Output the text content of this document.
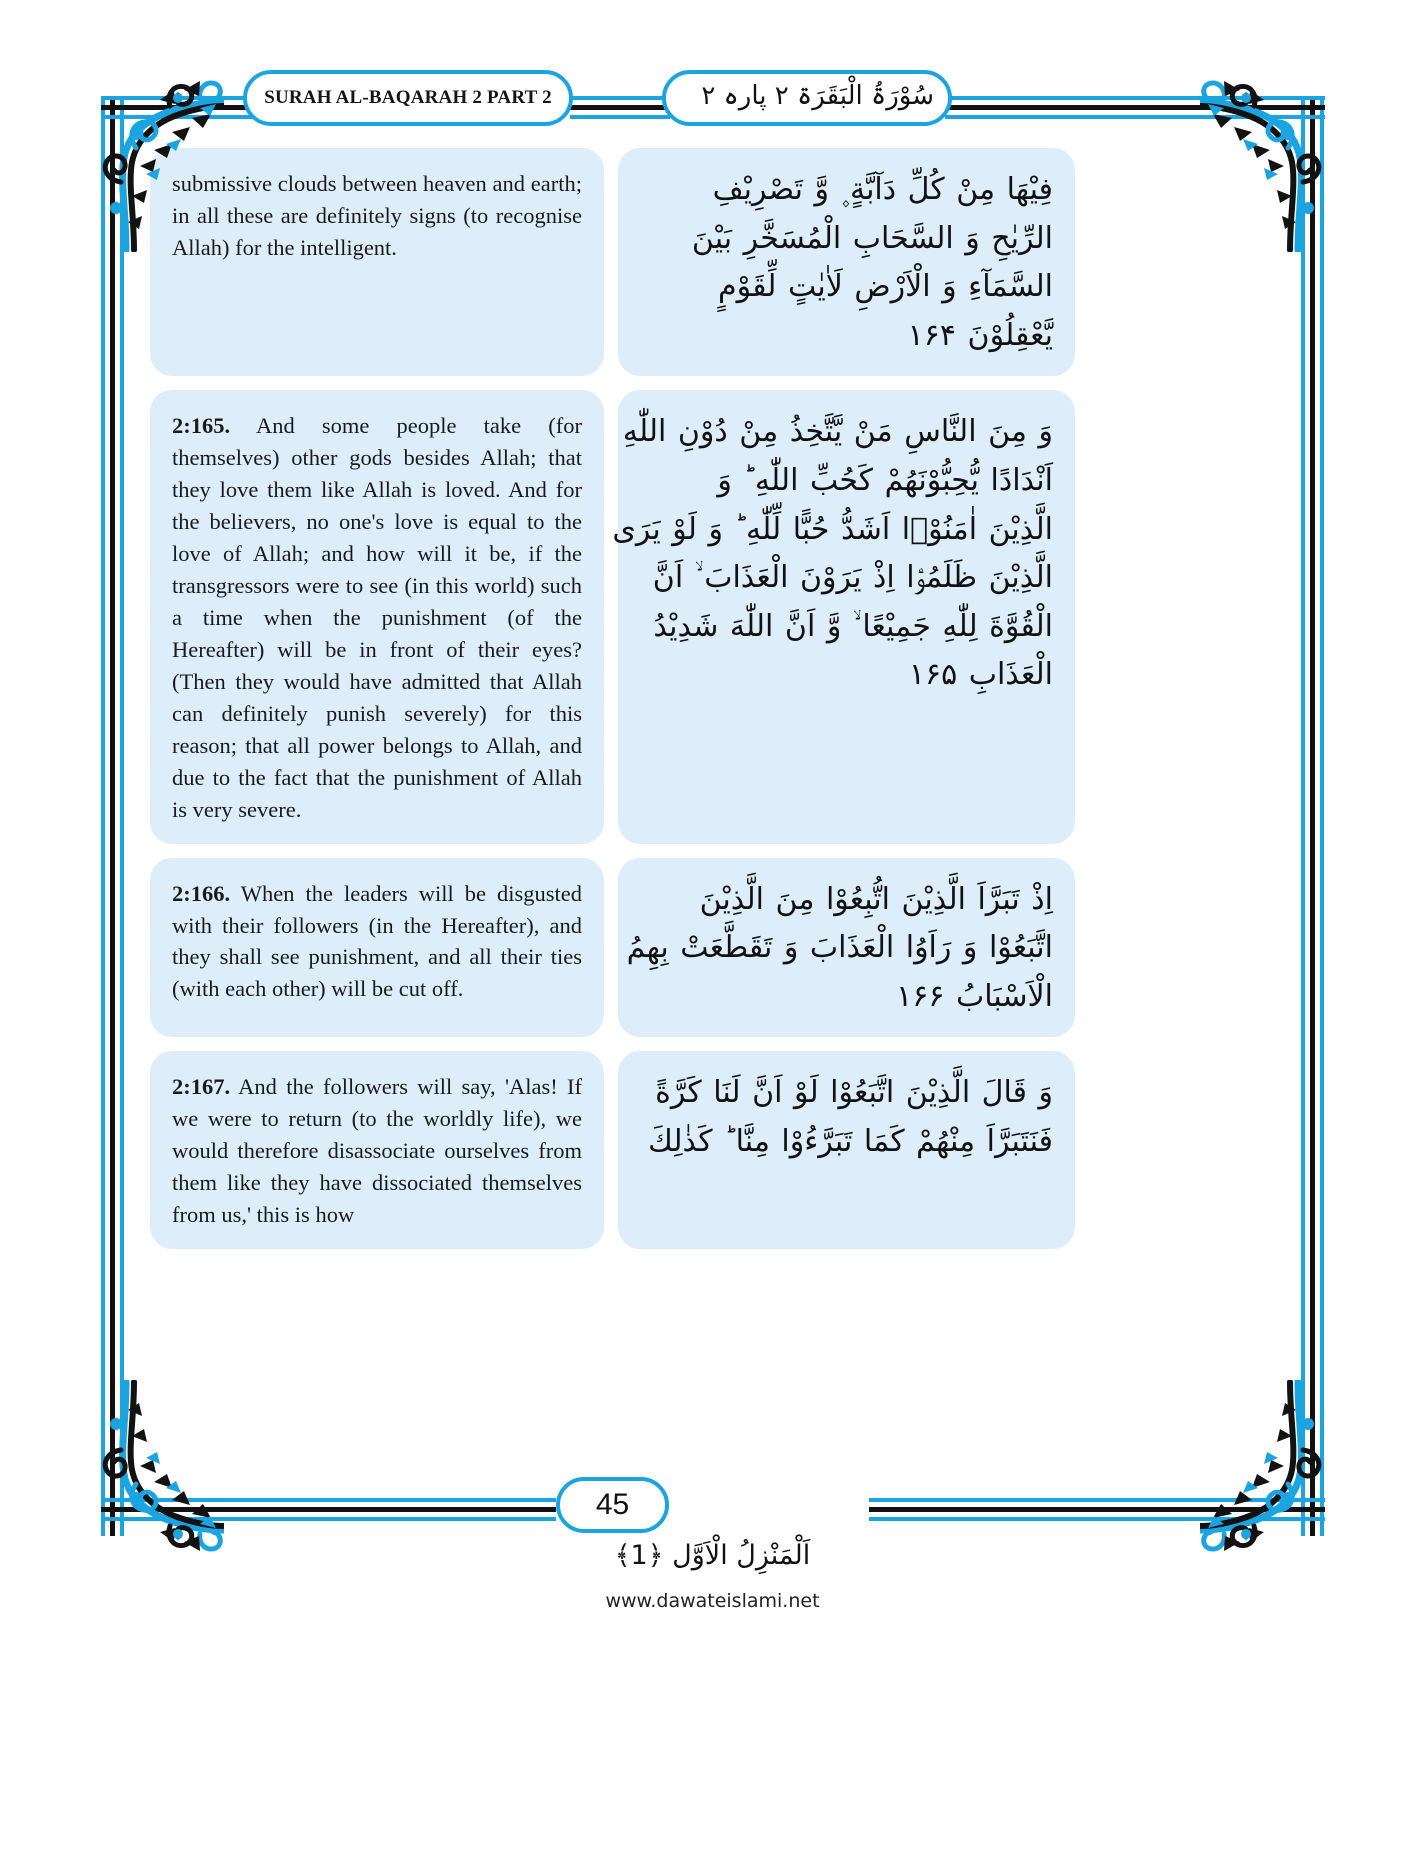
SURAH AL-BAQARAH 2 PART 2	سُوْرَۃُ الْبَقَرَۃ ۲ پارہ ۲
submissive clouds between heaven and earth; in all these are definitely signs (to recognise Allah) for the intelligent.
فِیْهَا مِنْ كُلِّ دَآبَّةٍ ۪ وَّ تَصْرِیْفِ
الرِّیٰحِ وَ السَّحَابِ الْمُسَخَّرِ بَیْنَ
السَّمَآءِ وَ الْاَرْضِ لَاٰیٰتٍ لِّقَوْمٍ
یَّعْقِلُوْنَ ۱۶۴
2:165. And some people take (for themselves) other gods besides Allah; that they love them like Allah is loved. And for the believers, no one's love is equal to the love of Allah; and how will it be, if the transgressors were to see (in this world) such a time when the punishment (of the Hereafter) will be in front of their eyes? (Then they would have admitted that Allah can definitely punish severely) for this reason; that all power belongs to Allah, and due to the fact that the punishment of Allah is very severe.
وَ مِنَ النَّاسِ مَنْ یَّتَّخِذُ مِنْ دُوْنِ اللّٰهِ
اَنْدَادًا یُّحِبُّوْنَهُمْ كَحُبِّ اللّٰهِ ؕ وَ
الَّذِیْنَ اٰمَنُوْۤا اَشَدُّ حُبًّا لِّلّٰهِ ؕ وَ لَوْ یَرَى
الَّذِیْنَ ظَلَمُوْۤا اِذْ یَرَوْنَ الْعَذَابَ ۙ اَنَّ
الْقُوَّةَ لِلّٰهِ جَمِیْعًا ۙ وَّ اَنَّ اللّٰهَ شَدِیْدُ
الْعَذَابِ ۱۶۵
2:166. When the leaders will be disgusted with their followers (in the Hereafter), and they shall see punishment, and all their ties (with each other) will be cut off.
اِذْ تَبَرَّاَ الَّذِیْنَ اتُّبِعُوْا مِنَ الَّذِیْنَ
اتَّبَعُوْا وَ رَاَوُا الْعَذَابَ وَ تَقَطَّعَتْ بِهِمُ
الْاَسْبَابُ ۱۶۶
2:167. And the followers will say, 'Alas! If we were to return (to the worldly life), we would therefore disassociate ourselves from them like they have dissociated themselves from us,' this is how
وَ قَالَ الَّذِیْنَ اتَّبَعُوْا لَوْ اَنَّ لَنَا كَرَّةً
فَنَتَبَرَّاَ مِنْهُمْ كَمَا تَبَرَّءُوْا مِنَّا ؕ كَذٰلِكَ
45
اَلْمَنْزِلُ الْاَوَّل ﴿1﴾
www.dawateislami.net
